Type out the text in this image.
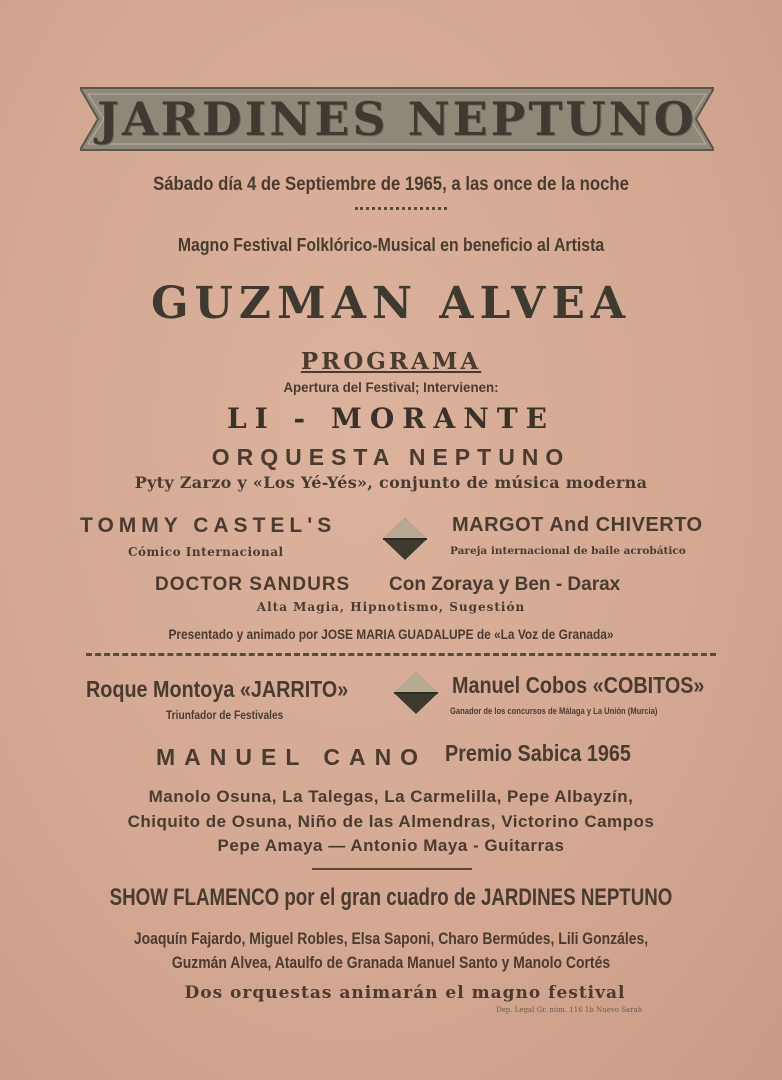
JARDINES NEPTUNO
Sábado día 4 de Septiembre de 1965, a las once de la noche
Magno Festival Folklórico-Musical en beneficio al Artista
GUZMAN ALVEA
PROGRAMA
Apertura del Festival; Intervienen:
LI - MORANTE
ORQUESTA NEPTUNO
Pyty Zarzo y «Los Yé-Yés», conjunto de música moderna
TOMMY CASTEL'S
Cómico Internacional
MARGOT And CHIVERTO
Pareja internacional de baile acrobático
DOCTOR SANDURS Con Zoraya y Ben - Darax
Alta Magia, Hipnotismo, Sugestión
Presentado y animado por JOSE MARIA GUADALUPE de «La Voz de Granada»
Roque Montoya «JARRITO»
Triunfador de Festivales
Manuel Cobos «COBITOS»
Ganador de los concursos de Málaga y La Unión (Murcia)
MANUEL CANO Premio Sabica 1965
Manolo Osuna, La Talegas, La Carmelilla, Pepe Albayzín,
Chiquito de Osuna, Niño de las Almendras, Victorino Campos
Pepe Amaya — Antonio Maya - Guitarras
SHOW FLAMENCO por el gran cuadro de JARDINES NEPTUNO
Joaquín Fajardo, Miguel Robles, Elsa Saponi, Charo Bermúdes, Lili Gonzáles,
Guzmán Alvea, Ataulfo de Granada Manuel Santo y Manolo Cortés
Dos orquestas animarán el magno festival
Dep. Legal Gr. núm. 116 1b Nuevo Sarah
